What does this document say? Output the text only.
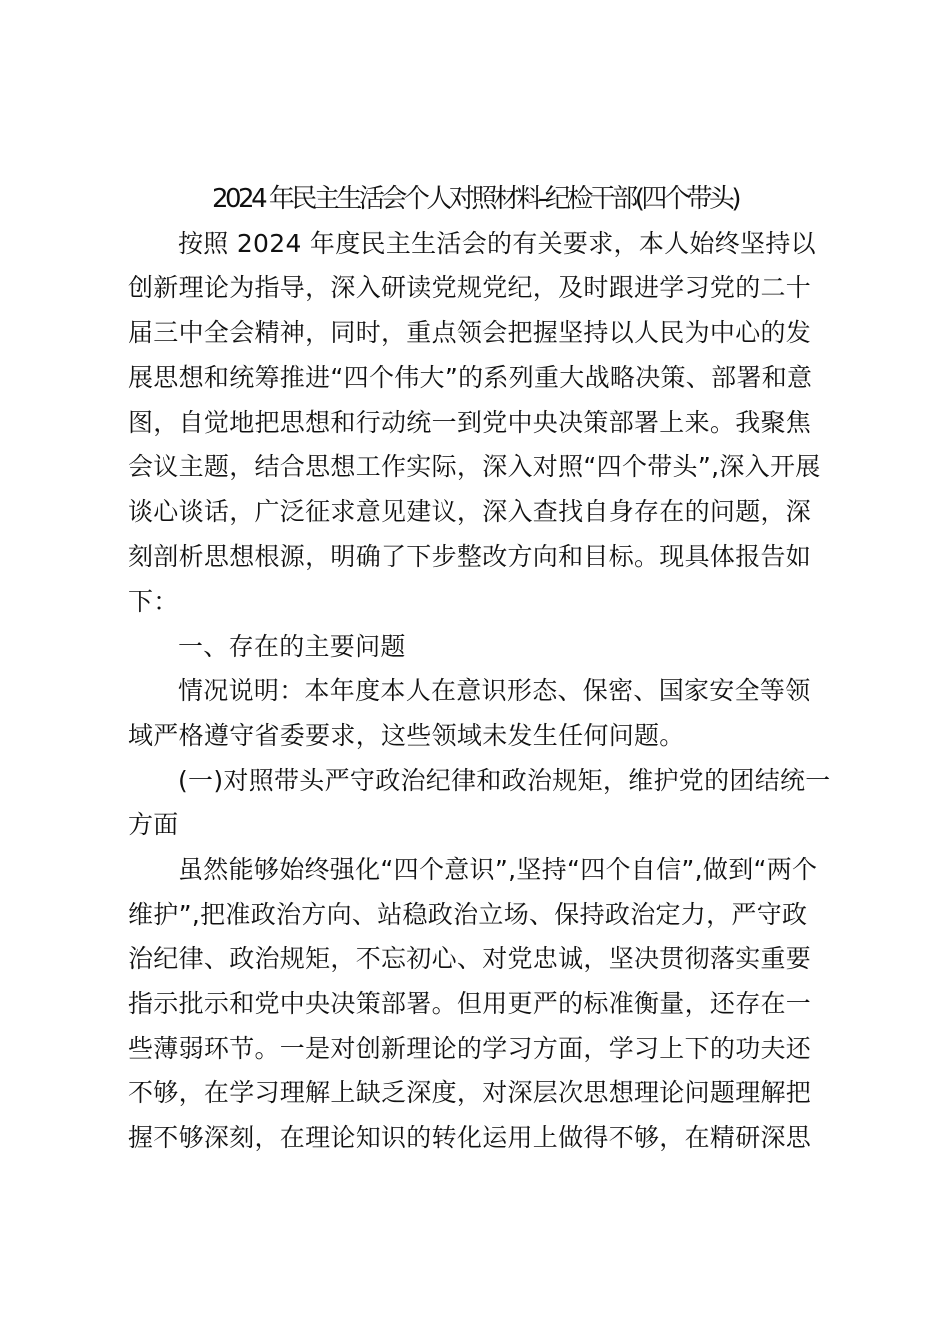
2024 年民主生活会个人对照材料-纪检干部(四个带头)
按照 2024 年度民主生活会的有关要求，本人始终坚持以
创新理论为指导，深入研读党规党纪，及时跟进学习党的二十
届三中全会精神，同时，重点领会把握坚持以人民为中心的发
展思想和统筹推进“四个伟大”的系列重大战略决策、部署和意
图，自觉地把思想和行动统一到党中央决策部署上来。我聚焦
会议主题，结合思想工作实际，深入对照“四个带头”,深入开展
谈心谈话，广泛征求意见建议，深入查找自身存在的问题，深
刻剖析思想根源，明确了下步整改方向和目标。现具体报告如
下：
一、存在的主要问题
情况说明：本年度本人在意识形态、保密、国家安全等领
域严格遵守省委要求，这些领域未发生任何问题。
(一)对照带头严守政治纪律和政治规矩，维护党的团结统一
方面
虽然能够始终强化“四个意识”,坚持“四个自信”,做到“两个
维护”,把准政治方向、站稳政治立场、保持政治定力，严守政
治纪律、政治规矩，不忘初心、对党忠诚，坚决贯彻落实重要
指示批示和党中央决策部署。但用更严的标准衡量，还存在一
些薄弱环节。一是对创新理论的学习方面，学习上下的功夫还
不够，在学习理解上缺乏深度，对深层次思想理论问题理解把
握不够深刻，在理论知识的转化运用上做得不够，在精研深思
